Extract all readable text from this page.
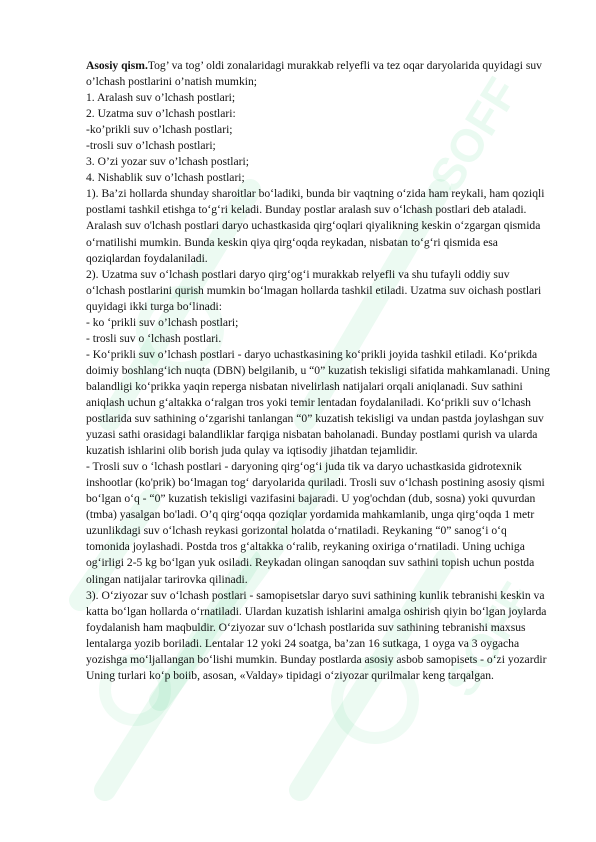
SOFF
SOFF

Asosiy qism.Tog’ va tog’ oldi zonalaridagi murakkab relyefli va tez oqar daryolarida quyidagi suv o’lchash postlarini o’natish mumkin;

1. Aralash suv o’lchash postlari;

2. Uzatma suv o’lchash postlari:

-ko’prikli suv o’lchash postlari;

-trosli suv o’lchash postlari;

3. O’zi yozar suv o’lchash postlari;

4. Nishablik suv o’lchash postlari;

1). Ba’zi hollarda shunday sharoitlar bo‘ladiki, bunda bir vaqtning o‘zida ham reykali, ham qoziqli postlami tashkil etishga to‘g‘ri keladi. Bunday postlar aralash suv o‘lchash postlari deb ataladi. Aralash suv o'lchash postlari daryo uchastkasida qirg‘oqlari qiyalikning keskin o‘zgargan qismida o‘rnatilishi mumkin. Bunda keskin qiya qirg‘oqda reykadan, nisbatan to‘g‘ri qismida esa qoziqlardan foydalaniladi.

2). Uzatma suv o‘lchash postlari daryo qirg‘og‘i murakkab relyefli va shu tufayli oddiy suv o‘lchash postlarini qurish mumkin bo‘lmagan hollarda tashkil etiladi. Uzatma suv oichash postlari quyidagi ikki turga bo‘linadi:

- ko ‘prikli suv o’lchash postlari;

- trosli suv o ‘lchash postlari.

- Ko‘prikli suv o’lchash postlari - daryo uchastkasining ko‘prikli joyida tashkil etiladi. Ko‘prikda doimiy boshlang‘ich nuqta (DBN) belgilanib, u “0” kuzatish tekisligi sifatida mahkamlanadi. Uning balandligi ko‘prikka yaqin reperga nisbatan nivelirlash natijalari orqali aniqlanadi. Suv sathini aniqlash uchun g‘altakka o‘ralgan tros yoki temir lentadan foydalaniladi. Ko‘prikli suv o‘lchash postlarida suv sathining o‘zgarishi tanlangan “0” kuzatish tekisligi va undan pastda joylashgan suv yuzasi sathi orasidagi balandliklar farqiga nisbatan baholanadi. Bunday postlami qurish va ularda kuzatish ishlarini olib borish juda qulay va iqtisodiy jihatdan tejamlidir.

- Trosli suv o ‘lchash postlari - daryoning qirg‘og‘i juda tik va daryo uchastkasida gidrotexnik inshootlar (ko'prik) bo‘lmagan tog‘ daryolarida quriladi. Trosli suv o‘lchash postining asosiy qismi bo‘lgan o‘q - “0” kuzatish tekisligi vazifasini bajaradi. U yog'ochdan (dub, sosna) yoki quvurdan (tmba) yasalgan bo'ladi. O’q qirg‘oqqa qoziqlar yordamida mahkamlanib, unga qirg‘oqda 1 metr uzunlikdagi suv o‘lchash reykasi gorizontal holatda o‘rnatiladi. Reykaning “0” sanog‘i o‘q tomonida joylashadi. Postda tros g‘altakka o‘ralib, reykaning oxiriga o‘rnatiladi. Uning uchiga og‘irligi 2-5 kg bo‘lgan yuk osiladi. Reykadan olingan sanoqdan suv sathini topish uchun postda olingan natijalar tarirovka qilinadi.

3). O‘ziyozar suv o‘lchash postlari - samopisetslar daryo suvi sathining kunlik tebranishi keskin va katta bo‘lgan hollarda o‘rnatiladi. Ulardan kuzatish ishlarini amalga oshirish qiyin bo‘lgan joylarda foydalanish ham maqbuldir. O‘ziyozar suv o‘lchash postlarida suv sathining tebranishi maxsus lentalarga yozib boriladi. Lentalar 12 yoki 24 soatga, ba’zan 16 sutkaga, 1 oyga va 3 oygacha yozishga mo‘ljallangan bo‘lishi mumkin. Bunday postlarda asosiy asbob samopisets - o‘zi yozardir Uning turlari ko‘p boiib, asosan, «Valday» tipidagi o‘ziyozar qurilmalar keng tarqalgan.
